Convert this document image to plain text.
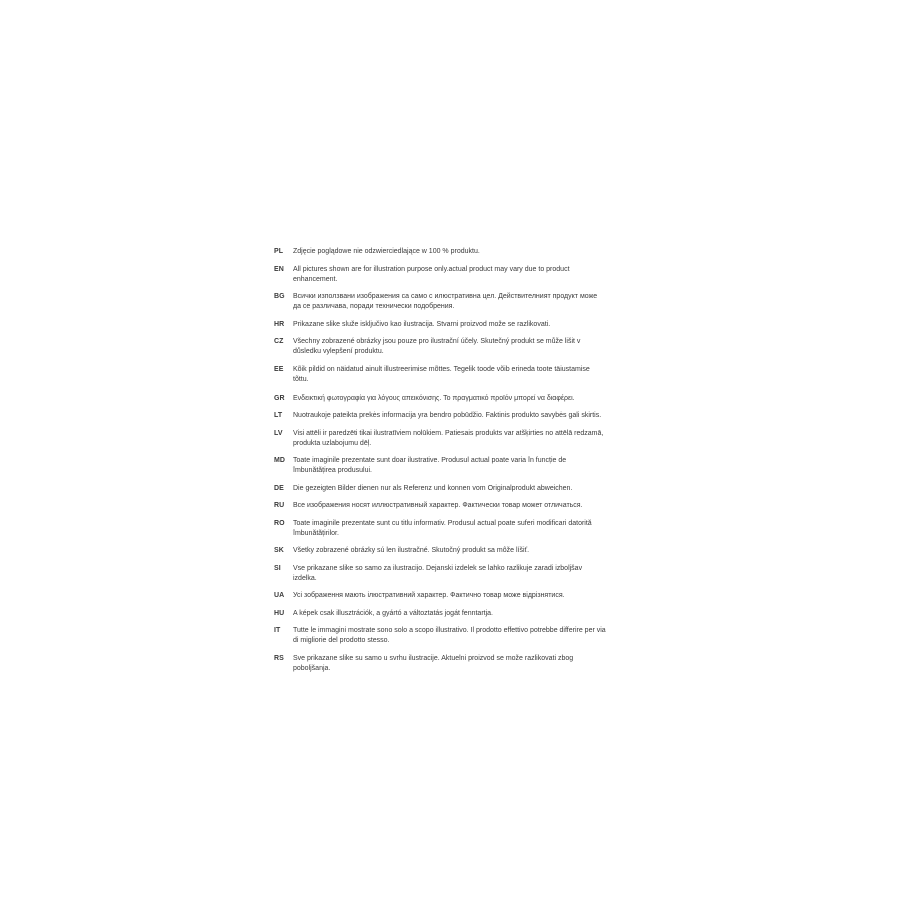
PL	Zdjęcie poglądowe nie odzwierciedlające w 100 % produktu.
EN	All pictures shown are for illustration purpose only.actual product may vary due to product enhancement.
BG	Всички използвани изображения са само с илюстративна цел. Действителният продукт може да се различава, поради технически подобрения.
HR	Prikazane slike služe isključivo kao ilustracija. Stvarni proizvod može se razlikovati.
CZ	Všechny zobrazené obrázky jsou pouze pro ilustrační účely. Skutečný produkt se může lišit v důsledku vylepšení produktu.
EE	Kõik pildid on näidatud ainult illustreerimise mõttes. Tegelik toode võib erineda toote täiustamise tõttu.
GR	Ενδεικτική φωτογραφία για λόγους απεικόνισης. Το πραγματικό προϊόν μπορεί να διαφέρει.
LT	Nuotraukoje pateikta prekės informacija yra bendro pobūdžio. Faktinis produkto savybės gali skirtis.
LV	Visi attēli ir paredzēti tikai ilustratīviem nolūkiem. Patiesais produkts var atšķirties no attēlā redzamā, produkta uzlabojumu dēļ.
MD	Toate imaginile prezentate sunt doar ilustrative. Produsul actual poate varia în funcție de îmbunătățirea produsului.
DE	Die gezeigten Bilder dienen nur als Referenz und konnen vom Originalprodukt abweichen.
RU	Все изображения носят иллюстративный характер. Фактически товар может отличаться.
RO	Toate imaginile prezentate sunt cu titlu informativ. Produsul actual poate suferi modificari datorită îmbunătățirilor.
SK	Všetky zobrazené obrázky sú len ilustračné. Skutočný produkt sa môže líšiť.
SI	Vse prikazane slike so samo za ilustracijo. Dejanski izdelek se lahko razlikuje zaradi izboljšav izdelka.
UA	Усі зображення мають ілюстративний характер. Фактично товар може відрізнятися.
HU	A képek csak illusztrációk, a gyártó a változtatás jogát fenntartja.
IT	Tutte le immagini mostrate sono solo a scopo illustrativo. Il prodotto effettivo potrebbe differire per via di migliorie del prodotto stesso.
RS	Sve prikazane slike su samo u svrhu ilustracije. Aktuelni proizvod se može razlikovati zbog poboljšanja.
